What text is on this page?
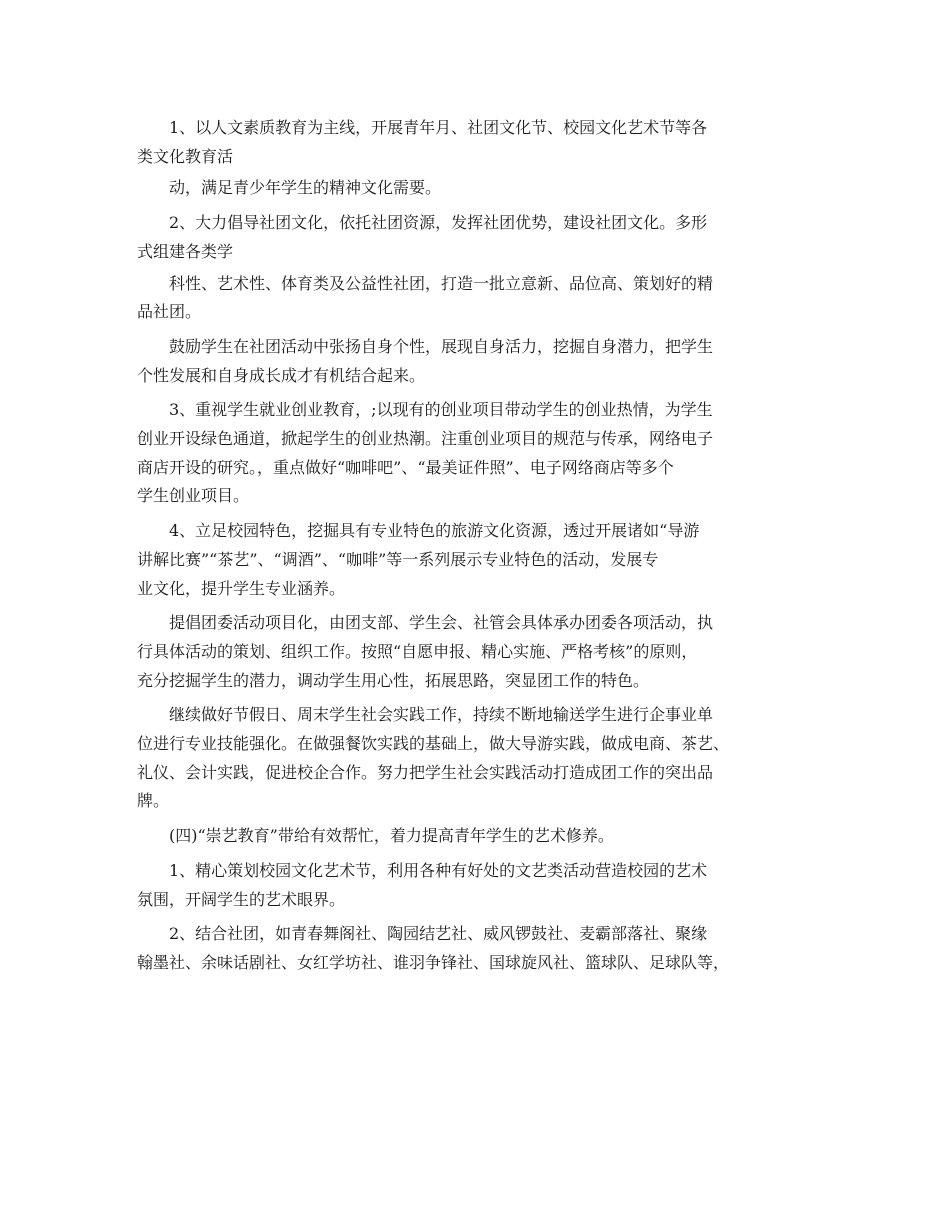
1、以人文素质教育为主线，开展青年月、社团文化节、校园文化艺术节等各
类文化教育活

动，满足青少年学生的精神文化需要。

2、大力倡导社团文化，依托社团资源，发挥社团优势，建设社团文化。多形
式组建各类学

科性、艺术性、体育类及公益性社团，打造一批立意新、品位高、策划好的精
品社团。

鼓励学生在社团活动中张扬自身个性，展现自身活力，挖掘自身潜力，把学生
个性发展和自身成长成才有机结合起来。

3、重视学生就业创业教育，;以现有的创业项目带动学生的创业热情，为学生
创业开设绿色通道，掀起学生的创业热潮。注重创业项目的规范与传承，网络电子
商店开设的研究。，重点做好“咖啡吧”、“最美证件照”、电子网络商店等多个
学生创业项目。

4、立足校园特色，挖掘具有专业特色的旅游文化资源，透过开展诸如“导游
讲解比赛”“茶艺”、“调酒”、“咖啡”等一系列展示专业特色的活动，发展专
业文化，提升学生专业涵养。

提倡团委活动项目化，由团支部、学生会、社管会具体承办团委各项活动，执
行具体活动的策划、组织工作。按照“自愿申报、精心实施、严格考核”的原则，
充分挖掘学生的潜力，调动学生用心性，拓展思路，突显团工作的特色。

继续做好节假日、周末学生社会实践工作，持续不断地输送学生进行企事业单
位进行专业技能强化。在做强餐饮实践的基础上，做大导游实践，做成电商、茶艺、
礼仪、会计实践，促进校企合作。努力把学生社会实践活动打造成团工作的突出品
牌。

(四)“崇艺教育”带给有效帮忙，着力提高青年学生的艺术修养。

1、精心策划校园文化艺术节，利用各种有好处的文艺类活动营造校园的艺术
氛围，开阔学生的艺术眼界。

2、结合社团，如青春舞阁社、陶园结艺社、威风锣鼓社、麦霸部落社、聚缘
翰墨社、余味话剧社、女红学坊社、谁羽争锋社、国球旋风社、篮球队、足球队等，
